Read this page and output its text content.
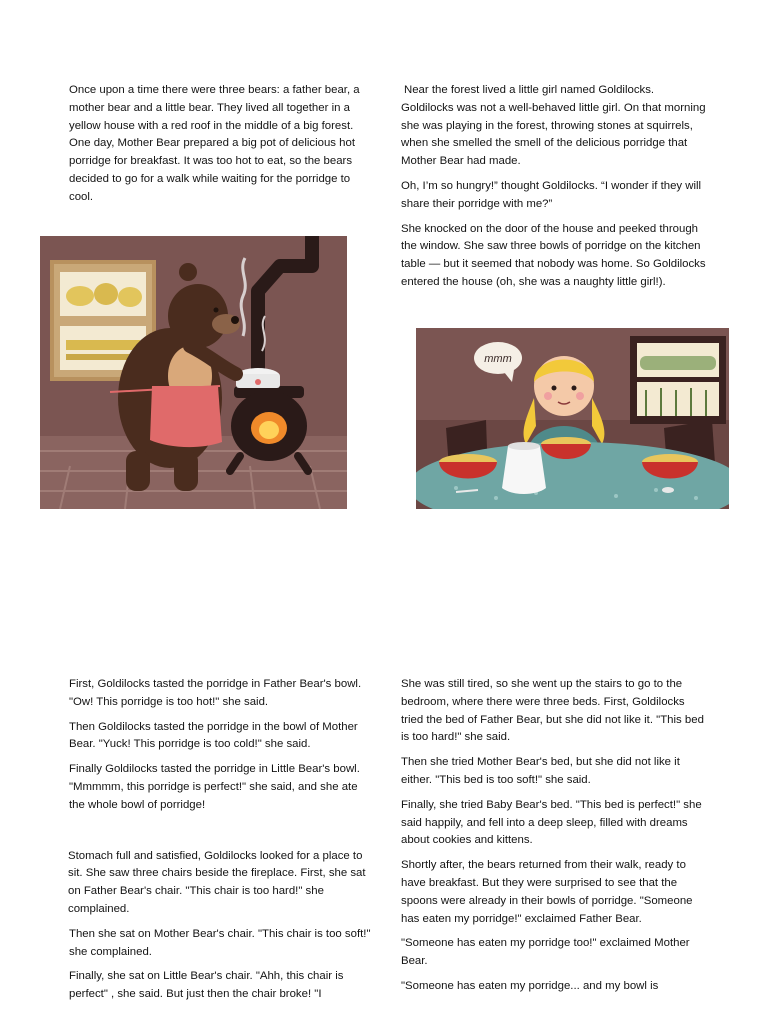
Once upon a time there were three bears: a father bear, a mother bear and a little bear. They lived all together in a yellow house with a red roof in the middle of a big forest. One day, Mother Bear prepared a big pot of delicious hot porridge for breakfast. It was too hot to eat, so the bears decided to go for a walk while waiting for the porridge to cool.

Near the forest lived a little girl named Goldilocks. Goldilocks was not a well-behaved little girl. On that morning she was playing in the forest, throwing stones at squirrels, when she smelled the smell of the delicious porridge that Mother Bear had made.

Oh, I’m so hungry!” thought Goldilocks. “I wonder if they will share their porridge with me?”

She knocked on the door of the house and peeked through the window. She saw three bowls of porridge on the kitchen table — but it seemed that nobody was home. So Goldilocks entered the house (oh, she was a naughty little girl!).

mmm

First, Goldilocks tasted the porridge in Father Bear's bowl. "Ow! This porridge is too hot!" she said.

Then Goldilocks tasted the porridge in the bowl of Mother Bear. "Yuck! This porridge is too cold!" she said.

Finally Goldilocks tasted the porridge in Little Bear's bowl. "Mmmmm, this porridge is perfect!" she said, and she ate the whole bowl of porridge!

Stomach full and satisfied, Goldilocks looked for a place to sit. She saw three chairs beside the fireplace. First, she sat on Father Bear's chair. "This chair is too hard!" she complained.

Then she sat on Mother Bear's chair. "This chair is too soft!" she complained.

Finally, she sat on Little Bear's chair. "Ahh, this chair is perfect" , she said. But just then the chair broke! "I

She was still tired, so she went up the stairs to go to the bedroom, where there were three beds. First, Goldilocks tried the bed of Father Bear, but she did not like it. "This bed is too hard!" she said.

Then she tried Mother Bear's bed, but she did not like it either. "This bed is too soft!" she said.

Finally, she tried Baby Bear's bed. "This bed is perfect!" she said happily, and fell into a deep sleep, filled with dreams about cookies and kittens.

Shortly after, the bears returned from their walk, ready to have breakfast. But they were surprised to see that the spoons were already in their bowls of porridge. "Someone has eaten my porridge!" exclaimed Father Bear.

"Someone has eaten my porridge too!" exclaimed Mother Bear.

"Someone has eaten my porridge... and my bowl is
